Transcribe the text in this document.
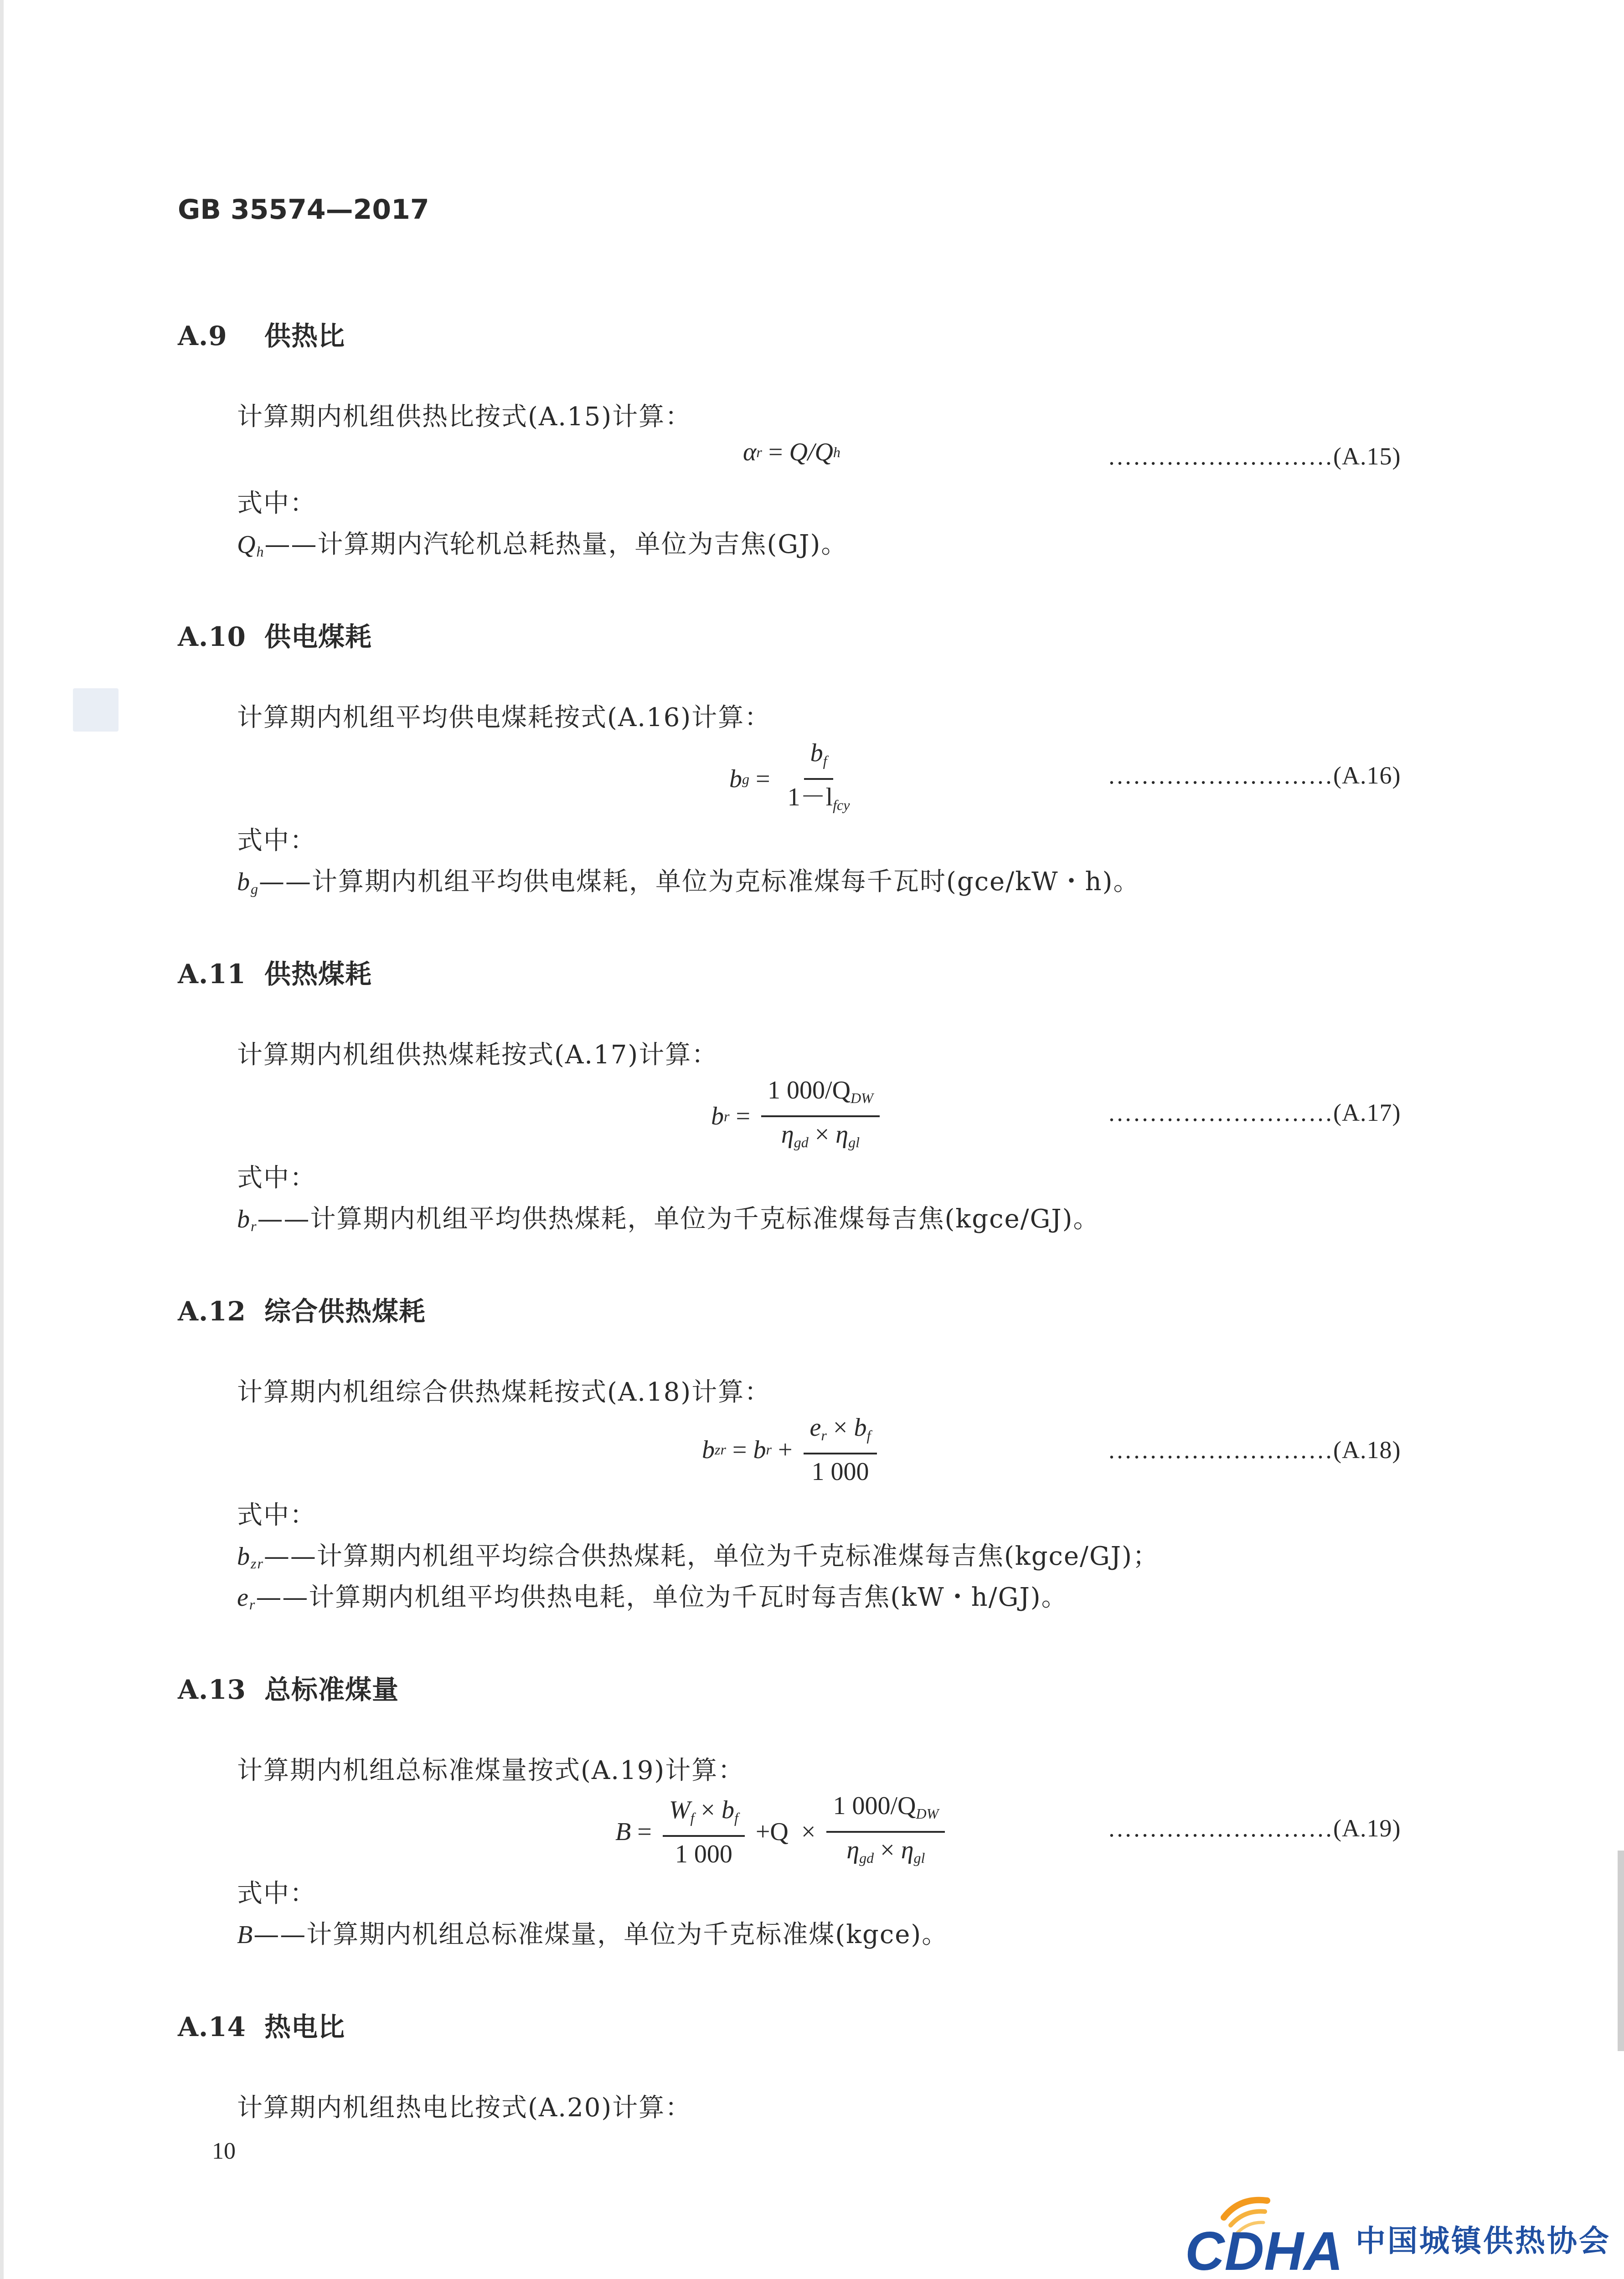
GB 35574—2017
A.9 供热比
计算期内机组供热比按式(A.15)计算：
α r = Q/Q h	………………………(A.15)
式中：
$Q_h——$计算期内汽轮机总耗热量，单位为吉焦(GJ)。
A.10 供电煤耗
计算期内机组平均供电煤耗按式(A.16)计算：
b $g = \frac{b_f}{1-l_{fcy}}$	………………………(A.16)
式中：
$b_g——$计算期内机组平均供电煤耗，单位为克标准煤每千瓦时(gce/kW・h)。
A.11 供热煤耗
计算期内机组供热煤耗按式(A.17)计算：
b $r = \frac{1 000/Q_{DW}}{\eta_{gd} \times \eta_{gl}}$	………………………(A.17)
式中：
$b_r——$计算期内机组平均供热煤耗，单位为千克标准煤每吉焦(kgce/GJ)。
A.12 综合供热煤耗
计算期内机组综合供热煤耗按式(A.18)计算：
b zr = b $r + \frac{e_r \times b_f}{1 000}$	………………………(A.18)
式中：
$b_{zr}——$计算期内机组平均综合供热煤耗，单位为千克标准煤每吉焦(kgce/GJ)；
$e_r——$计算期内机组平均供热电耗，单位为千瓦时每吉焦(kW・h/GJ)。
A.13 总标准煤量
计算期内机组总标准煤量按式(A.19)计算：
$B = \frac{W_f \times b_f}{1 000} +Q \times \frac{1 000/Q_{DW}}{\eta_{gd} \times \eta_{gl}}$	………………………(A.19)
式中：
B——计算期内机组总标准煤量，单位为千克标准煤(kgce)。
A.14 热电比
计算期内机组热电比按式(A.20)计算：
10
CDHA 中国城镇供热协会
